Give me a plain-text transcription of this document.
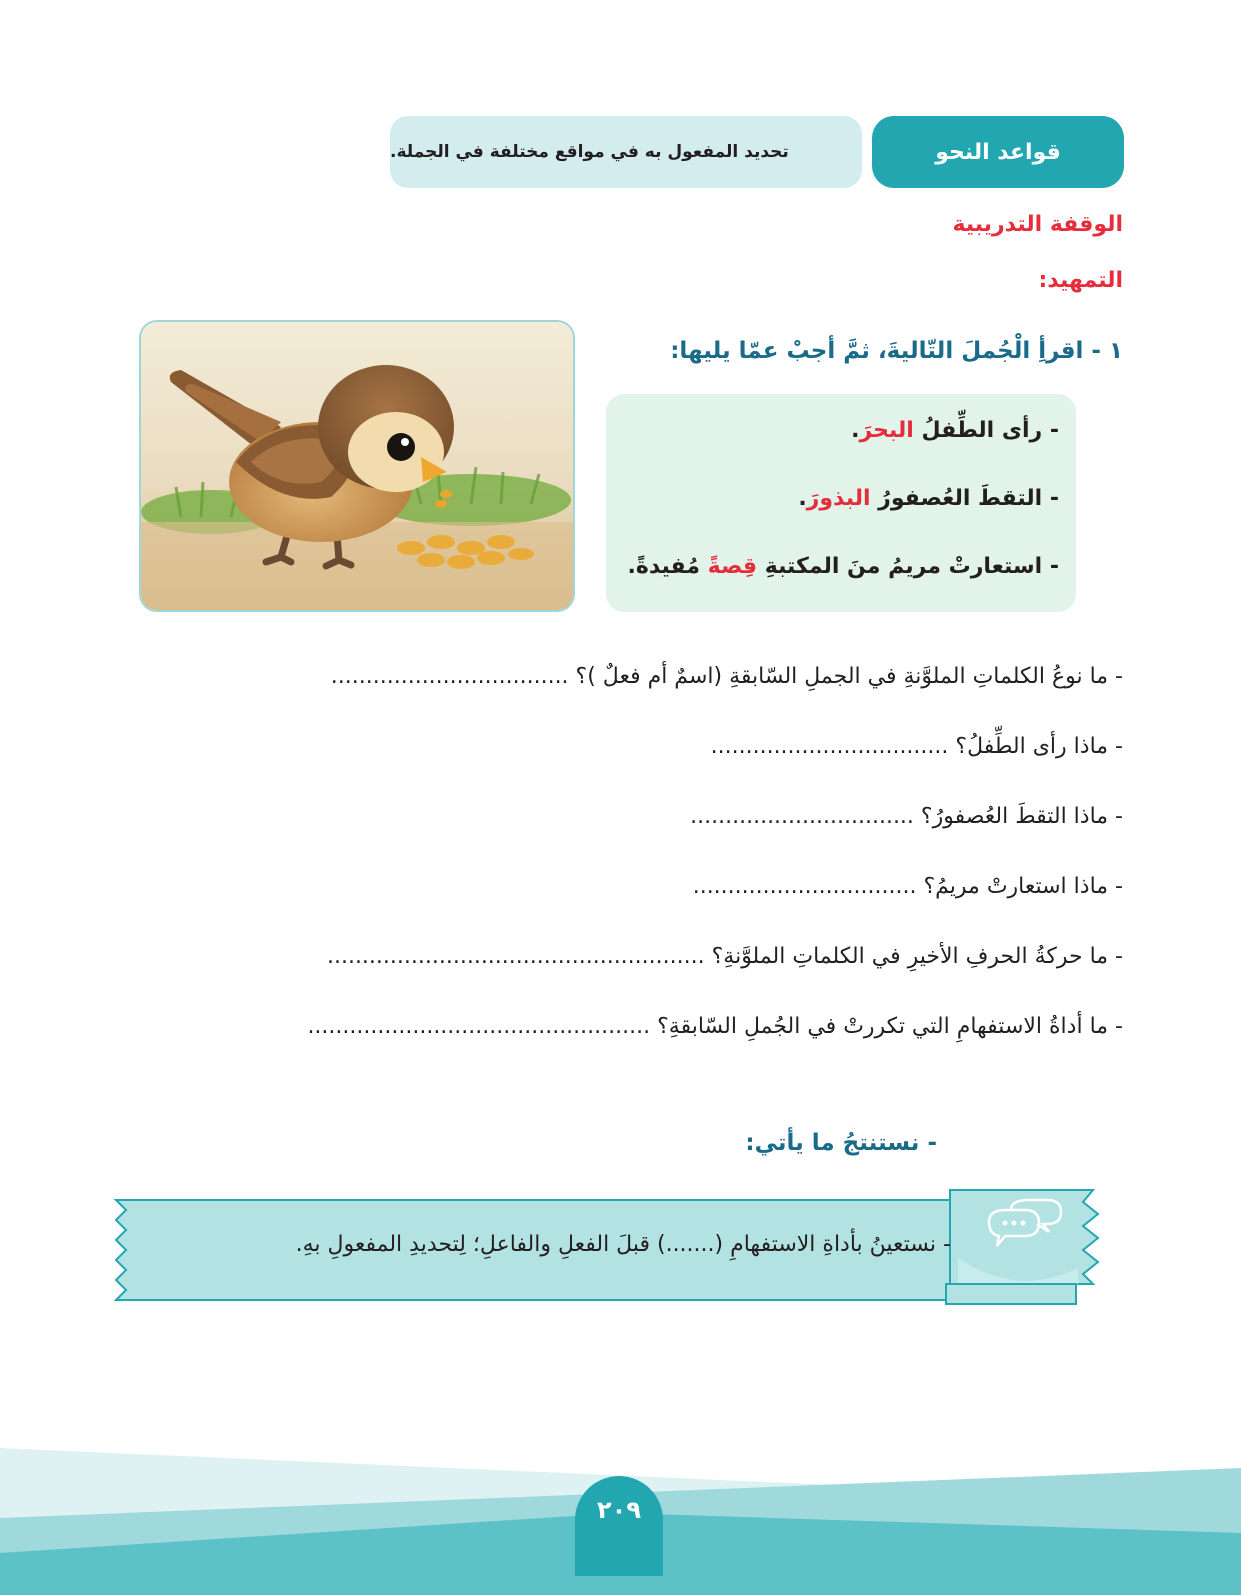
قواعد النحو
تحديد المفعول به في مواقع مختلفة في الجملة.
الوقفة التدريبية
التمهيد:
١ - اقرأِ الْجُملَ التّاليةَ، ثمَّ أجبْ عمّا يليها:
- رأى الطِّفلُ البحرَ.
- التقطَ العُصفورُ البذورَ.
- استعارتْ مريمُ منَ المكتبةِ قِصةً مُفيدةً.
- ما نوعُ الكلماتِ الملوَّنةِ في الجملِ السّابقةِ (اسمٌ أم فعلٌ )؟ ..................................
- ماذا رأى الطِّفلُ؟ ..................................
- ماذا التقطَ العُصفورُ؟ ................................
- ماذا استعارتْ مريمُ؟ ................................
- ما حركةُ الحرفِ الأخيرِ في الكلماتِ الملوَّنةِ؟ ......................................................
- ما أداةُ الاستفهامِ التي تكررتْ في الجُملِ السّابقةِ؟ .................................................
- نستنتجُ ما يأتي:
- نستعينُ بأداةِ الاستفهامِ (.......) قبلَ الفعلِ والفاعلِ؛ لِتحديدِ المفعولِ بهِ.
٢٠٩
